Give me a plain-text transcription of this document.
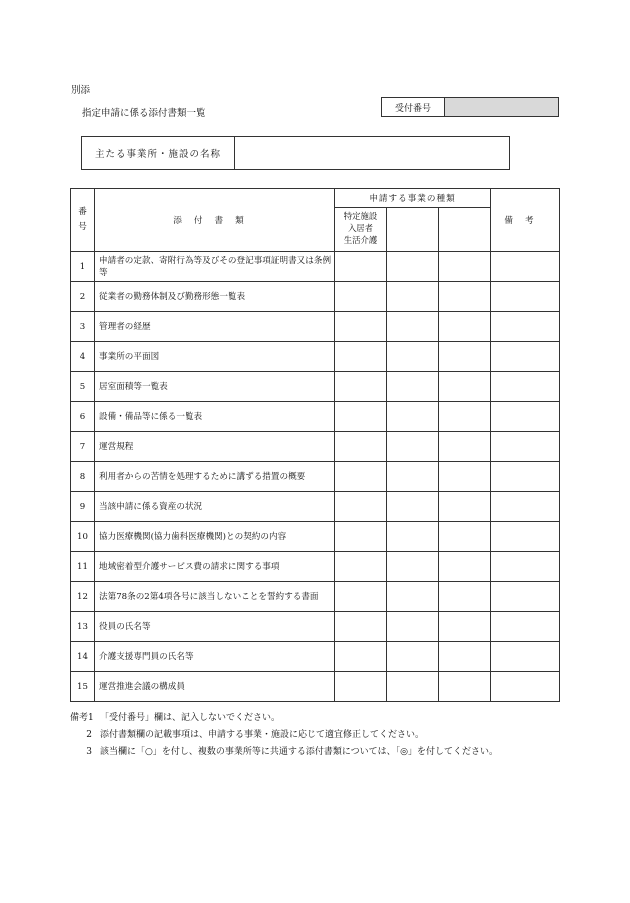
別添
指定申請に係る添付書類一覧	受付番号
主たる事業所・施設の名称
番
号	添付書類	申請する事業の種類			備考
		特定施設
入居者
生活介護			
1	申請者の定款、寄附行為等及びその登記事項証明書又は条例等				
2	従業者の勤務体制及び勤務形態一覧表				
3	管理者の経歴				
4	事業所の平面図				
5	居室面積等一覧表				
6	設備・備品等に係る一覧表				
7	運営規程				
8	利用者からの苦情を処理するために講ずる措置の概要				
9	当該申請に係る資産の状況				
10	協力医療機関(協力歯科医療機関)との契約の内容				
11	地域密着型介護サービス費の請求に関する事項				
12	法第78条の2第4項各号に該当しないことを誓約する書面				
13	役員の氏名等				
14	介護支援専門員の氏名等				
15	運営推進会議の構成員				
備考1 「受付番号」欄は、記入しないでください。
2 添付書類欄の記載事項は、申請する事業・施設に応じて適宜修正してください。
3 該当欄に「○」を付し、複数の事業所等に共通する添付書類については、「◎」を付してください。
